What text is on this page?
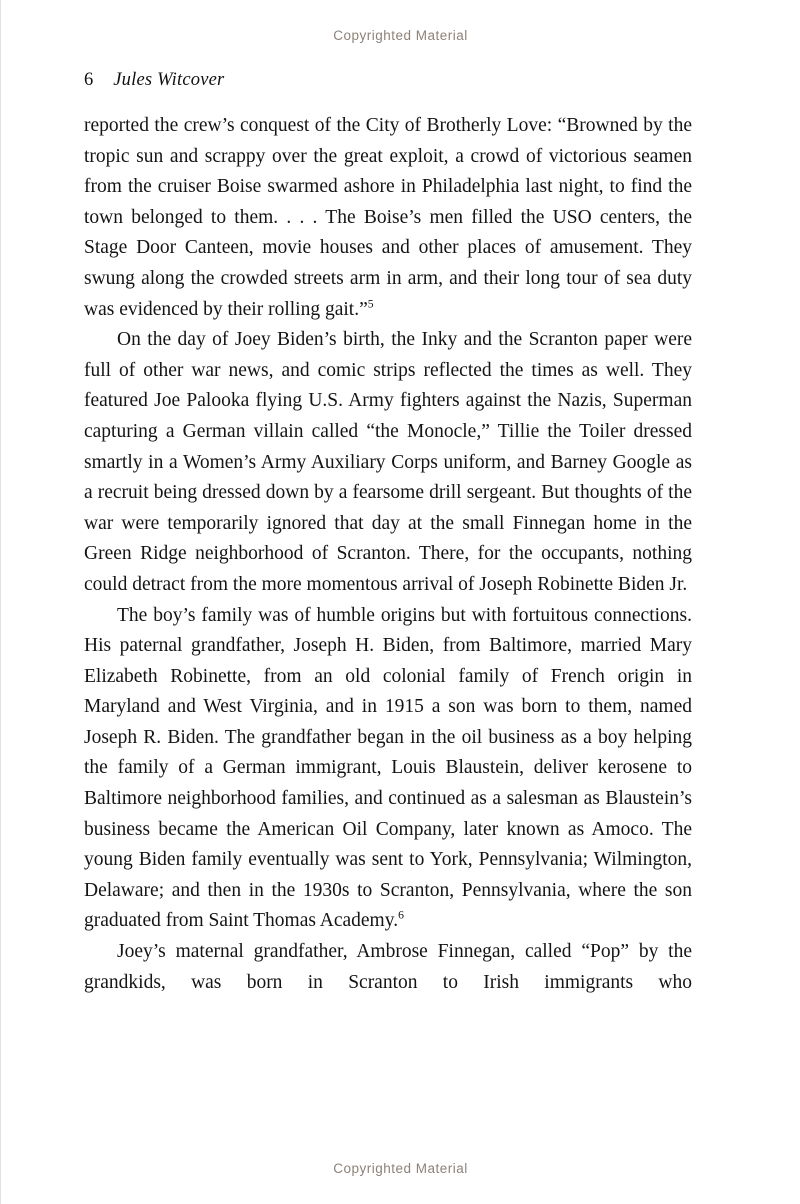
Copyrighted Material
6 Jules Witcover

reported the crew’s conquest of the City of Brotherly Love: “Browned by the tropic sun and scrappy over the great exploit, a crowd of victorious seamen from the cruiser Boise swarmed ashore in Philadelphia last night, to find the town belonged to them. . . . The Boise’s men filled the USO centers, the Stage Door Canteen, movie houses and other places of amusement. They swung along the crowded streets arm in arm, and their long tour of sea duty was evidenced by their rolling gait.”$^5$

On the day of Joey Biden’s birth, the Inky and the Scranton paper were full of other war news, and comic strips reflected the times as well. They featured Joe Palooka flying U.S. Army fighters against the Nazis, Superman capturing a German villain called “the Monocle,” Tillie the Toiler dressed smartly in a Women’s Army Auxiliary Corps uniform, and Barney Google as a recruit being dressed down by a fearsome drill sergeant. But thoughts of the war were temporarily ignored that day at the small Finnegan home in the Green Ridge neighborhood of Scranton. There, for the occupants, nothing could detract from the more momentous arrival of Joseph Robinette Biden Jr.

The boy’s family was of humble origins but with fortuitous connections. His paternal grandfather, Joseph H. Biden, from Baltimore, married Mary Elizabeth Robinette, from an old colonial family of French origin in Maryland and West Virginia, and in 1915 a son was born to them, named Joseph R. Biden. The grandfather began in the oil business as a boy helping the family of a German immigrant, Louis Blaustein, deliver kerosene to Baltimore neighborhood families, and continued as a salesman as Blaustein’s business became the American Oil Company, later known as Amoco. The young Biden family eventually was sent to York, Pennsylvania; Wilmington, Delaware; and then in the 1930s to Scranton, Pennsylvania, where the son graduated from Saint Thomas Academy.$^6$

Joey’s maternal grandfather, Ambrose Finnegan, called “Pop” by the grandkids, was born in Scranton to Irish immigrants who

Copyrighted Material
